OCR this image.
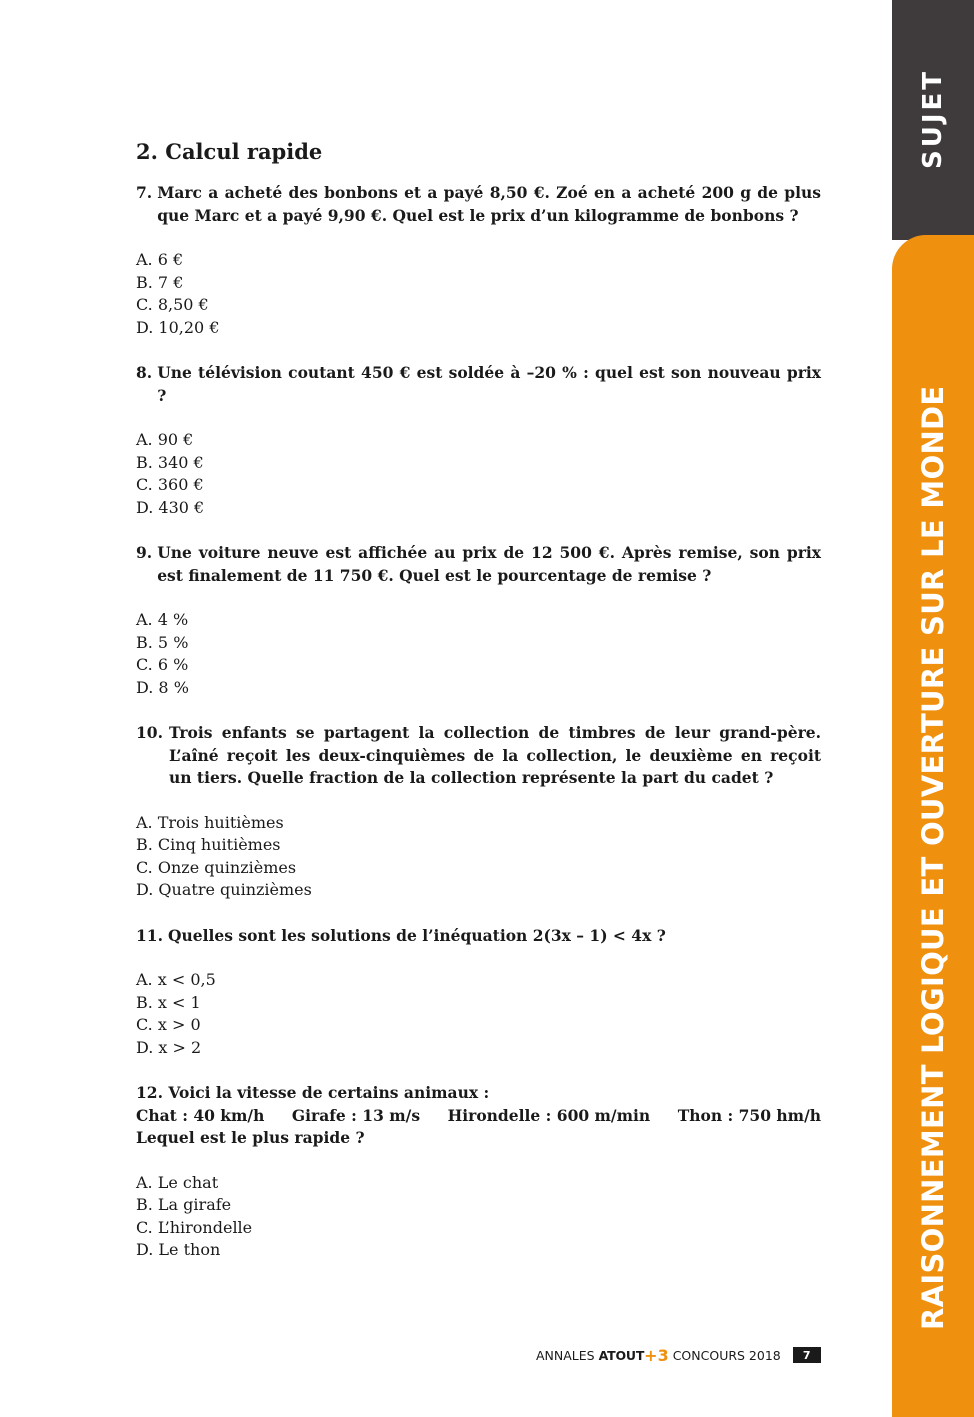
SUJET
RAISONNEMENT LOGIQUE ET OUVERTURE SUR LE MONDE
2. Calcul rapide
7. Marc a acheté des bonbons et a payé 8,50 €. Zoé en a acheté 200 g de plus que Marc et a payé 9,90 €. Quel est le prix d’un kilogramme de bonbons ?
A. 6 €
B. 7 €
C. 8,50 €
D. 10,20 €
8. Une télévision coutant 450 € est soldée à –20 % : quel est son nouveau prix ?
A. 90 €
B. 340 €
C. 360 €
D. 430 €
9. Une voiture neuve est affichée au prix de 12 500 €. Après remise, son prix est finalement de 11 750 €. Quel est le pourcentage de remise ?
A. 4 %
B. 5 %
C. 6 %
D. 8 %
10. Trois enfants se partagent la collection de timbres de leur grand-père. L’aîné reçoit les deux-cinquièmes de la collection, le deuxième en reçoit un tiers. Quelle fraction de la collection représente la part du cadet ?
A. Trois huitièmes
B. Cinq huitièmes
C. Onze quinzièmes
D. Quatre quinzièmes
11. Quelles sont les solutions de l’inéquation 2(3x – 1) < 4x ?
A. x < 0,5
B. x < 1
C. x > 0
D. x > 2
12. Voici la vitesse de certains animaux :
Chat : 40 km/h Girafe : 13 m/s Hirondelle : 600 m/min Thon : 750 hm/h
Lequel est le plus rapide ?
A. Le chat
B. La girafe
C. L’hirondelle
D. Le thon
ANNALES ATOUT +3 CONCOURS 2018	7
